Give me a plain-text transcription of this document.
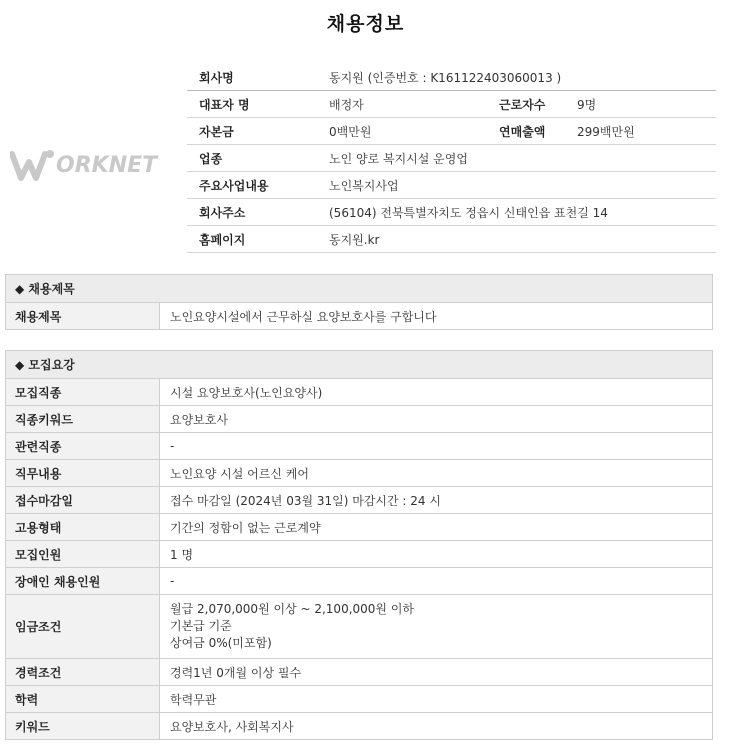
채용정보
ORKNET
회사명	동지원 (인증번호 : K161122403060013 )		
대표자 명	배정자	근로자수	9명
자본금	0백만원	연매출액	299백만원
업종	노인 양로 복지시설 운영업		
주요사업내용	노인복지사업		
회사주소	(56104) 전북특별자치도 정읍시 신태인읍 표천길 14		
홈페이지	동지원.kr		
◆ 채용제목
채용제목	노인요양시설에서 근무하실 요양보호사를 구합니다
◆ 모집요강	
모집직종	시설 요양보호사(노인요양사)
직종키워드	요양보호사
관련직종	-
직무내용	노인요양 시설 어르신 케어
접수마감일	접수 마감일 (2024년 03월 31일) 마감시간 : 24 시
고용형태	기간의 정함이 없는 근로계약
모집인원	1 명
장애인 채용인원	-
임금조건	월급 2,070,000원 이상 ~ 2,100,000원 이하
기본급 기준
상여금 0%(미포함)

경력조건	경력1년 0개월 이상 필수
학력	학력무관
키워드	요양보호사, 사회복지사
